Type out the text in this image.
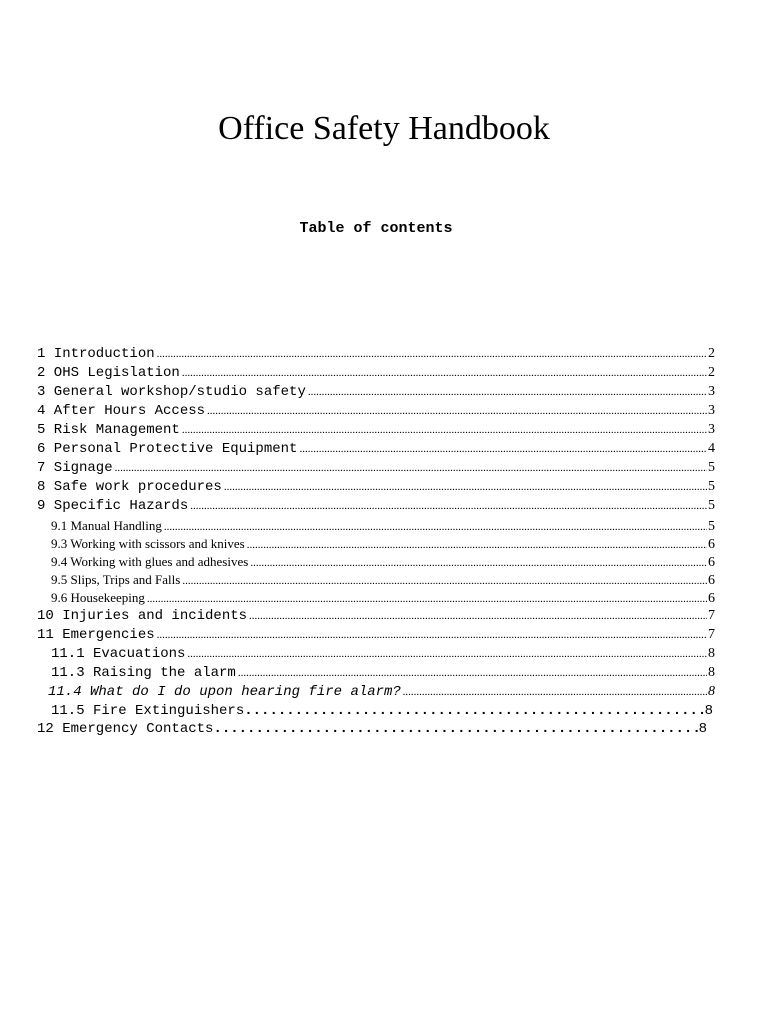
Office Safety Handbook
Table of contents
1 Introduction .....	2
2 OHS Legislation .....	2
3 General workshop/studio safety .....	3
4 After Hours Access .....	3
5 Risk Management .....	3
6 Personal Protective Equipment .....	4
7 Signage .....	5
8 Safe work procedures .....	5
9 Specific Hazards .....	5
9.1 Manual Handling .....	5
9.3 Working with scissors and knives .....	6
9.4 Working with glues and adhesives .....	6
9.5 Slips, Trips and Falls .....	6
9.6 Housekeeping .....	6
10 Injuries and incidents .....	7
11 Emergencies .....	7
11.1 Evacuations .....	8
11.3 Raising the alarm .....	8
11.4 What do I do upon hearing fire alarm? .....	8
11.5 Fire Extinguishers .....	8
12 Emergency Contacts .....	8
